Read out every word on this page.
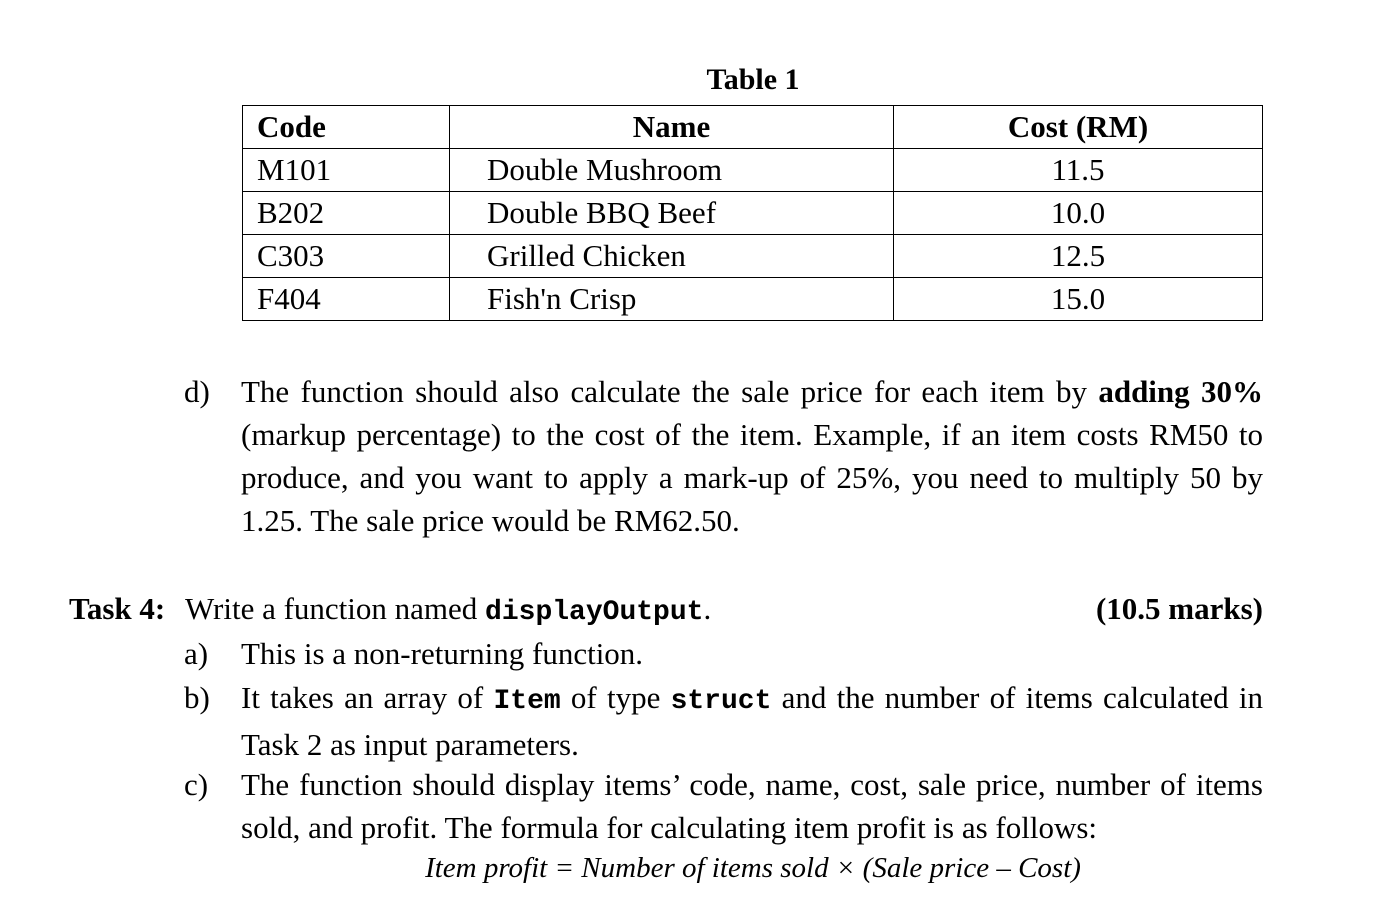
Table 1
Code	Name	Cost (RM)
M101	Double Mushroom	11.5
B202	Double BBQ Beef	10.0
C303	Grilled Chicken	12.5
F404	Fish'n Crisp	15.0
d) The function should also calculate the sale price for each item by adding 30% (markup percentage) to the cost of the item. Example, if an item costs RM50 to produce, and you want to apply a mark-up of 25%, you need to multiply 50 by 1.25. The sale price would be RM62.50.
Task 4: Write a function named displayOutput.	(10.5 marks)
a) This is a non-returning function.
b) It takes an array of Item of type struct and the number of items calculated in Task 2 as input parameters.
c) The function should display items’ code, name, cost, sale price, number of items sold, and profit. The formula for calculating item profit is as follows:
Item profit = Number of items sold × (Sale price – Cost)
